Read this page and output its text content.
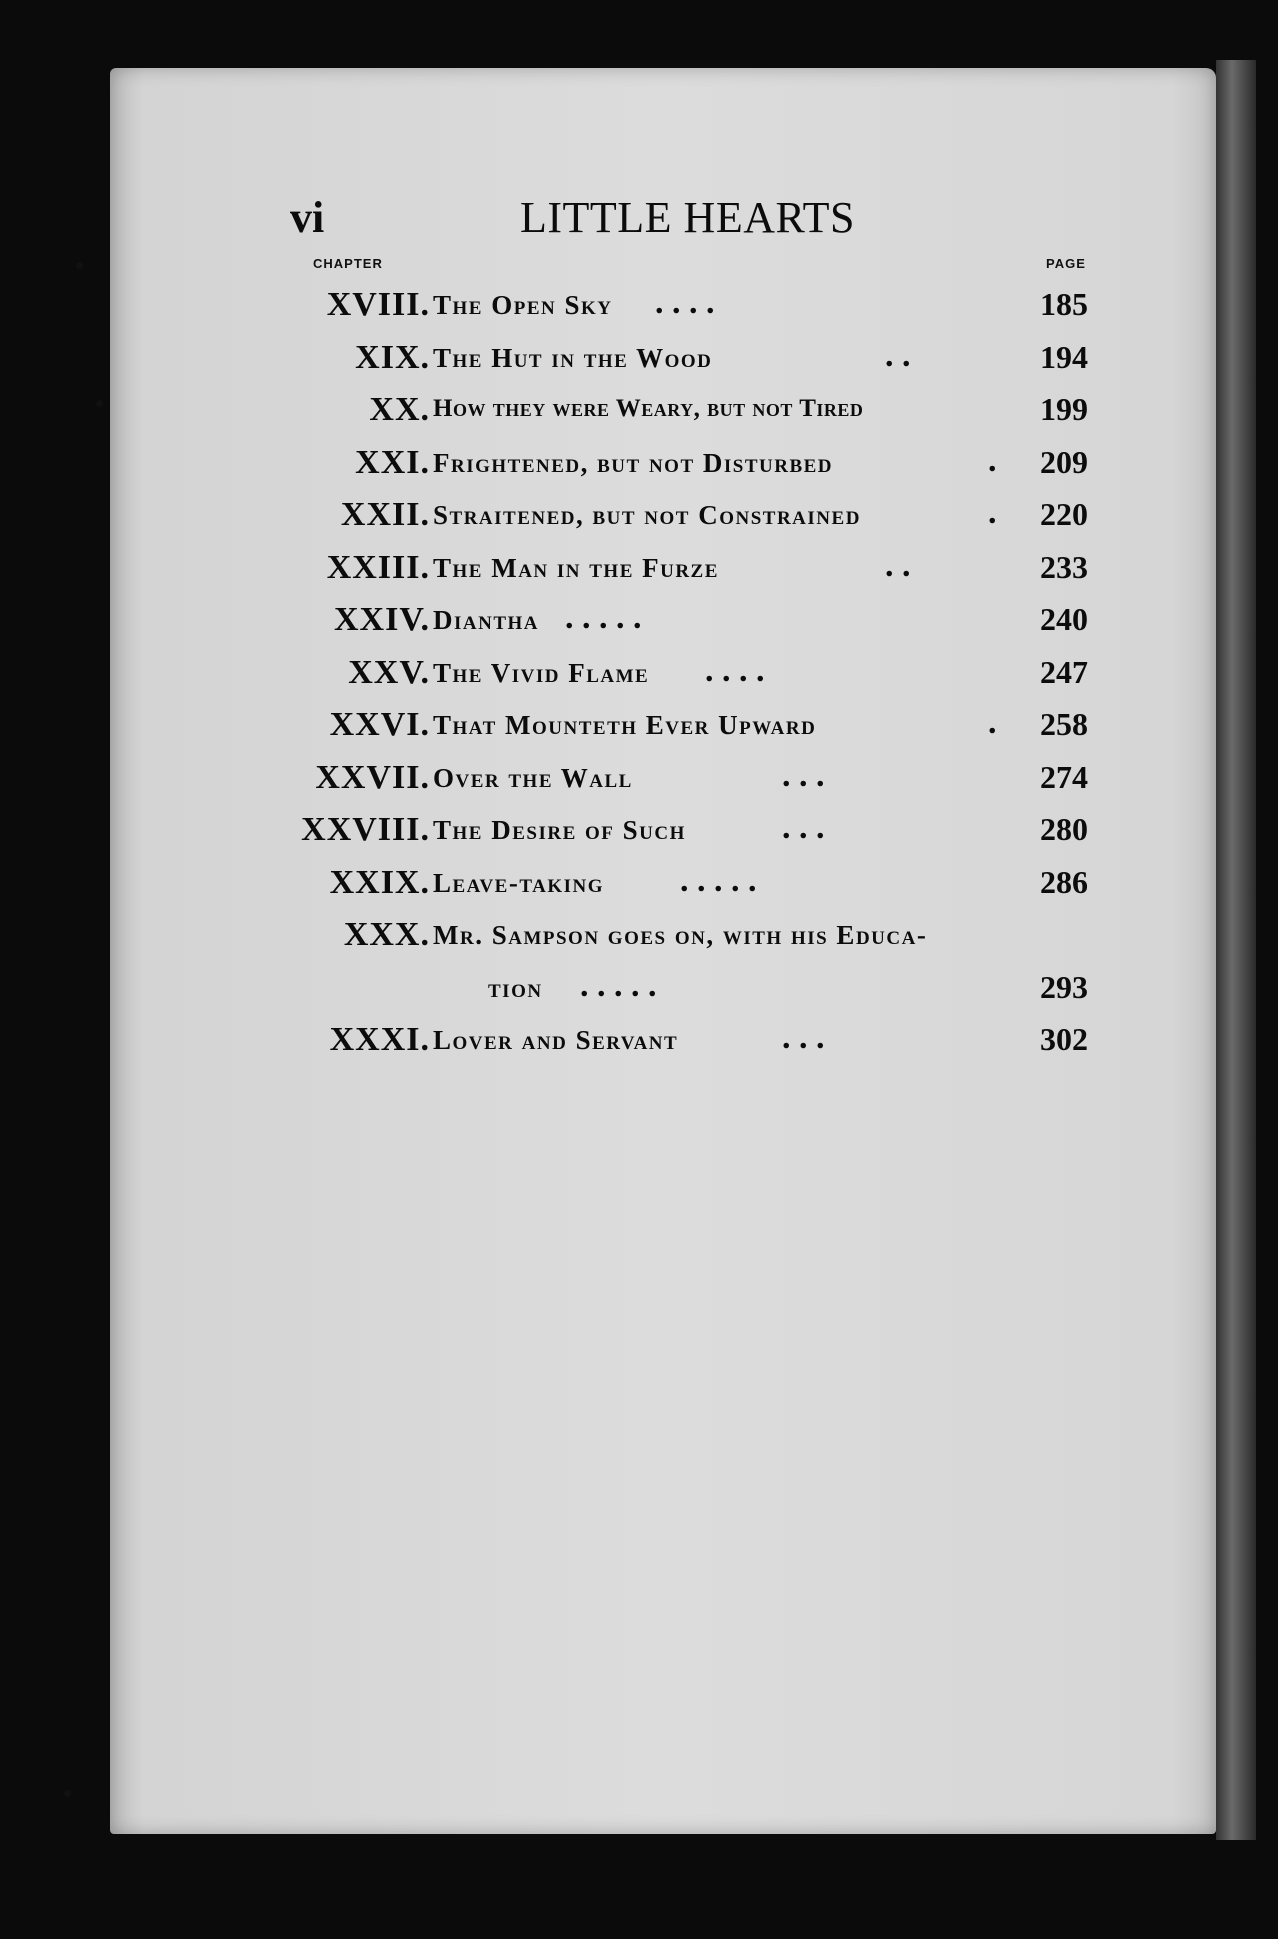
vi	LITTLE HEARTS
CHAPTER	PAGE
XVIII. The Open Sky . . . .	185
XIX. The Hut in the Wood	. .	194
XX. How they were Weary, but not Tired	199
XXI. Frightened, but not Disturbed	. 209
XXII. Straitened, but not Constrained	. 220
XXIII. The Man in the Furze	. .	233
XXIV. Diantha . . . . .	240
XXV. The Vivid Flame . . . .	247
XXVI. That Mounteth Ever Upward	. 258
XXVII. Over the Wall	. . .	274
XXVIII. The Desire of Such	. . .	280
XXIX. Leave-taking . . . . .	286
XXX. Mr. Sampson goes on, with his Educa-
tion . . . . .	293
XXXI. Lover and Servant	. . .	302
